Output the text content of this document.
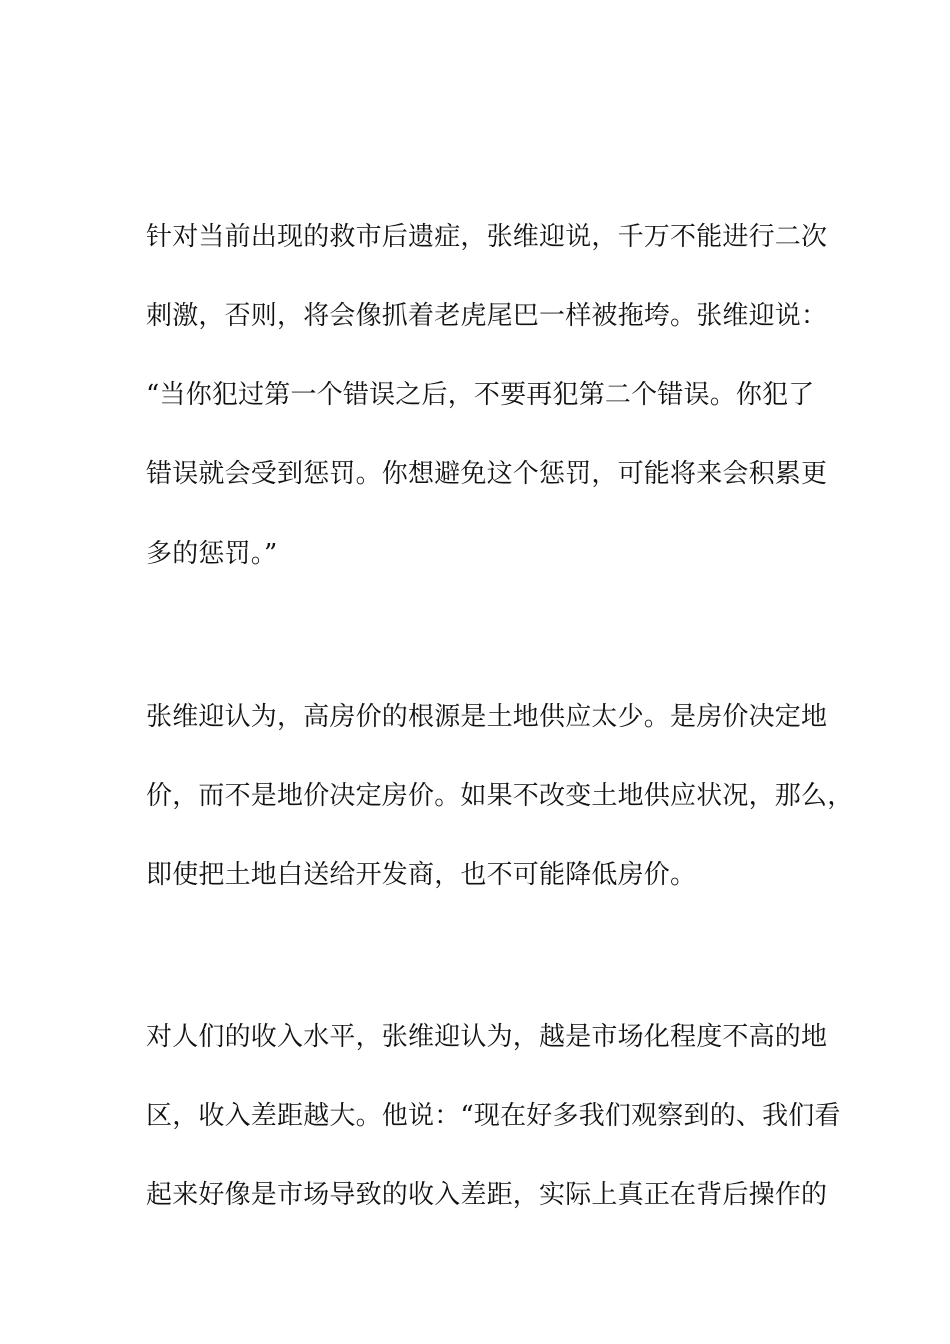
针对当前出现的救市后遗症，张维迎说，千万不能进行二次
刺激，否则，将会像抓着老虎尾巴一样被拖垮。张维迎说：
“当你犯过第一个错误之后，不要再犯第二个错误。你犯了
错误就会受到惩罚。你想避免这个惩罚，可能将来会积累更
多的惩罚。”
张维迎认为，高房价的根源是土地供应太少。是房价决定地
价，而不是地价决定房价。如果不改变土地供应状况，那么，
即使把土地白送给开发商，也不可能降低房价。
对人们的收入水平，张维迎认为，越是市场化程度不高的地
区，收入差距越大。他说：“现在好多我们观察到的、我们看
起来好像是市场导致的收入差距，实际上真正在背后操作的
